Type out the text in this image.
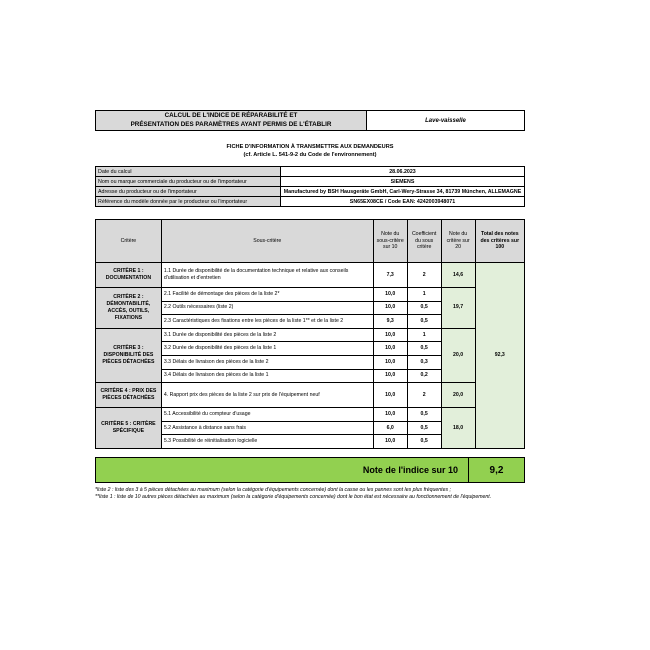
CALCUL DE L'INDICE DE RÉPARABILITÉ ET
PRÉSENTATION DES PARAMÈTRES AYANT PERMIS DE L'ÉTABLIR	Lave-vaisselle
FICHE D'INFORMATION À TRANSMETTRE AUX DEMANDEURS
(cf. Article L. 541-9-2 du Code de l'environnement)
Date du calcul	28.06.2023
Nom ou marque commerciale du producteur ou de l'importateur	SIEMENS
Adresse du producteur ou de l'importateur	Manufactured by BSH Hausgeräte GmbH, Carl-Wery-Strasse 34, 81739 München, ALLEMAGNE
Référence du modèle donnée par le producteur ou l'importateur	SN65EX08CE / Code EAN: 4242003948071
Critère	Sous-critère	Note du sous-critère sur 10	Coefficient du sous critère	Note du critère sur 20	Total des notes des critères sur 100
CRITÈRE 1 : DOCUMENTATION	1.1 Durée de disponibilité de la documentation technique et relative aux conseils d'utilisation et d'entretien	7,3	2	14,6	92,3
CRITÈRE 2 : DÉMONTABILITÉ, ACCÈS, OUTILS, FIXATIONS	2.1 Facilité de démontage des pièces de la liste 2*	10,0	1	19,7	
	2.2 Outils nécessaires (liste 2)	10,0	0,5		
	2.3 Caractéristiques des fixations entre les pièces de la liste 1** et de la liste 2	9,3	0,5		
CRITÈRE 3 : DISPONIBILITÉ DES PIÈCES DÉTACHÉES	3.1 Durée de disponibilité des pièces de la liste 2	10,0	1	20,0	
	3.2 Durée de disponibilité des pièces de la liste 1	10,0	0,5		
	3.3 Délais de livraison des pièces de la liste 2	10,0	0,3		
	3.4 Délais de livraison des pièces de la liste 1	10,0	0,2		
CRITÈRE 4 : PRIX DES PIÈCES DÉTACHÉES	4. Rapport prix des pièces de la liste 2 sur prix de l'équipement neuf	10,0	2	20,0	
CRITÈRE 5 : CRITÈRE SPÉCIFIQUE	5.1 Accessibilité du compteur d'usage	10,0	0,5	18,0	
	5.2 Assistance à distance sans frais	6,0	0,5		
	5.3 Possibilité de réinitialisation logicielle	10,0	0,5		
Note de l'indice sur 10	9,2
*liste 2 : liste des 3 à 5 pièces détachées au maximum (selon la catégorie d'équipements concernée) dont la casse ou les pannes sont les plus fréquentes ;
**liste 1 : liste de 10 autres pièces détachées au maximum (selon la catégorie d'équipements concernée) dont le bon état est nécessaire au fonctionnement de l'équipement.
